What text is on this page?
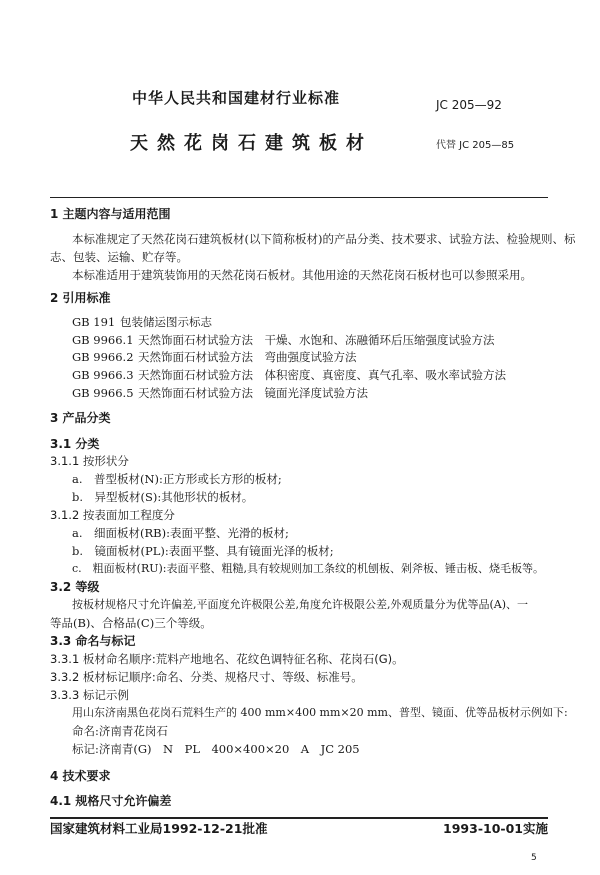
中华人民共和国建材行业标准	JC 205—92
天然花岗石建筑板材	代替 JC 205—85
1 主题内容与适用范围
本标准规定了天然花岗石建筑板材(以下简称板材)的产品分类、技术要求、试验方法、检验规则、标
志、包装、运输、贮存等。
本标准适用于建筑装饰用的天然花岗石板材。其他用途的天然花岗石板材也可以参照采用。
2 引用标准
GB 191 包装储运图示标志
GB 9966.1 天然饰面石材试验方法　干燥、水饱和、冻融循环后压缩强度试验方法
GB 9966.2 天然饰面石材试验方法　弯曲强度试验方法
GB 9966.3 天然饰面石材试验方法　体积密度、真密度、真气孔率、吸水率试验方法
GB 9966.5 天然饰面石材试验方法　镜面光泽度试验方法
3 产品分类
3.1 分类
3.1.1 按形状分
a.　普型板材(N):正方形或长方形的板材;
b.　异型板材(S):其他形状的板材。
3.1.2 按表面加工程度分
a.　细面板材(RB):表面平整、光滑的板材;
b.　镜面板材(PL):表面平整、具有镜面光泽的板材;
c.　粗面板材(RU):表面平整、粗糙,具有较规则加工条纹的机刨板、剁斧板、锤击板、烧毛板等。
3.2 等级
按板材规格尺寸允许偏差,平面度允许极限公差,角度允许极限公差,外观质量分为优等品(A)、一
等品(B)、合格品(C)三个等级。
3.3 命名与标记
3.3.1 板材命名顺序:荒料产地地名、花纹色调特征名称、花岗石(G)。
3.3.2 板材标记顺序:命名、分类、规格尺寸、等级、标准号。
3.3.3 标记示例
用山东济南黑色花岗石荒料生产的 400 mm×400 mm×20 mm、普型、镜面、优等品板材示例如下:
命名:济南青花岗石
标记:济南青(G)　N　PL　400×400×20　A　JC 205
4 技术要求
4.1 规格尺寸允许偏差
国家建筑材料工业局1992-12-21批准	1993-10-01实施
5
